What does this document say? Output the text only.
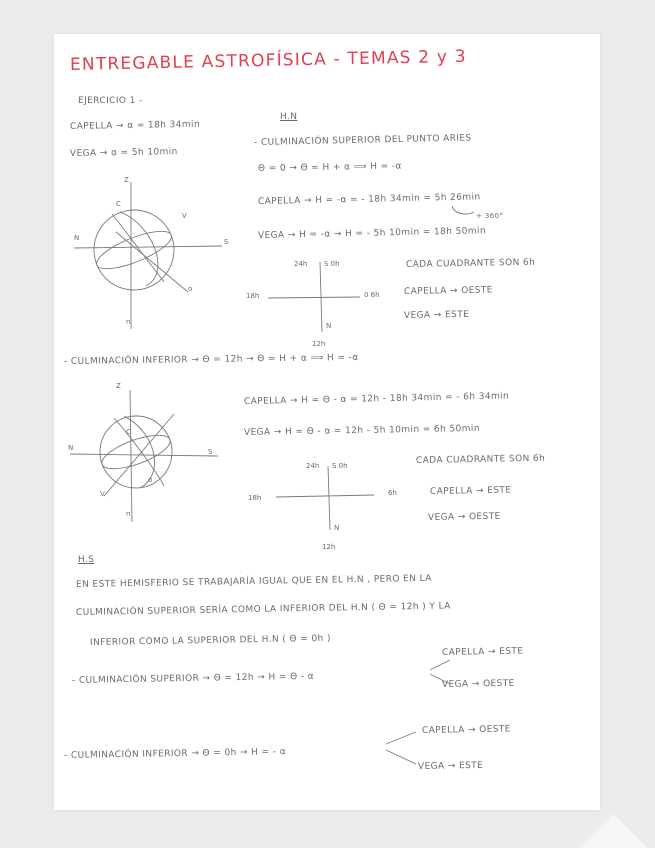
ENTREGABLE ASTROFÍSICA - TEMAS 2 y 3
EJERCICIO 1 -
CAPELLA → α = 18h 34min
VEGA → α = 5h 10min
H.N
- CULMINACIÓN SUPERIOR DEL PUNTO ARIES
Θ = 0 → Θ = H + α ⟹ H = -α
CAPELLA → H = -α = - 18h 34min = 5h 26min
+ 360°
VEGA → H = -α → H = - 5h 10min = 18h 50min
CADA CUADRANTE SON 6h
CAPELLA → OESTE
VEGA → ESTE
- CULMINACIÓN INFERIOR → Θ = 12h → Θ = H + α ⟹ H = -α
CAPELLA → H = Θ - α = 12h - 18h 34min = - 6h 34min
VEGA → H = Θ - α = 12h - 5h 10min = 6h 50min
CADA CUADRANTE SON 6h
CAPELLA → ESTE
VEGA → OESTE
H.S
EN ESTE HEMISFERIO SE TRABAJARÍA IGUAL QUE EN EL H.N , PERO EN LA
CULMINACIÓN SUPERIOR SERÍA COMO LA INFERIOR DEL H.N ( Θ = 12h ) Y LA
INFERIOR COMO LA SUPERIOR DEL H.N ( Θ = 0h )
- CULMINACIÓN SUPERIOR → Θ = 12h → H = Θ - α
CAPELLA → ESTE
VEGA → OESTE
- CULMINACIÓN INFERIOR → Θ = 0h → H = - α
CAPELLA → OESTE
VEGA → ESTE
Z
C
V
N	S
o
n
24h S 0h
18h	0 6h
N
12h
Z
C
V
N	S
o
n
24h S 0h
18h
6h
N
12h
